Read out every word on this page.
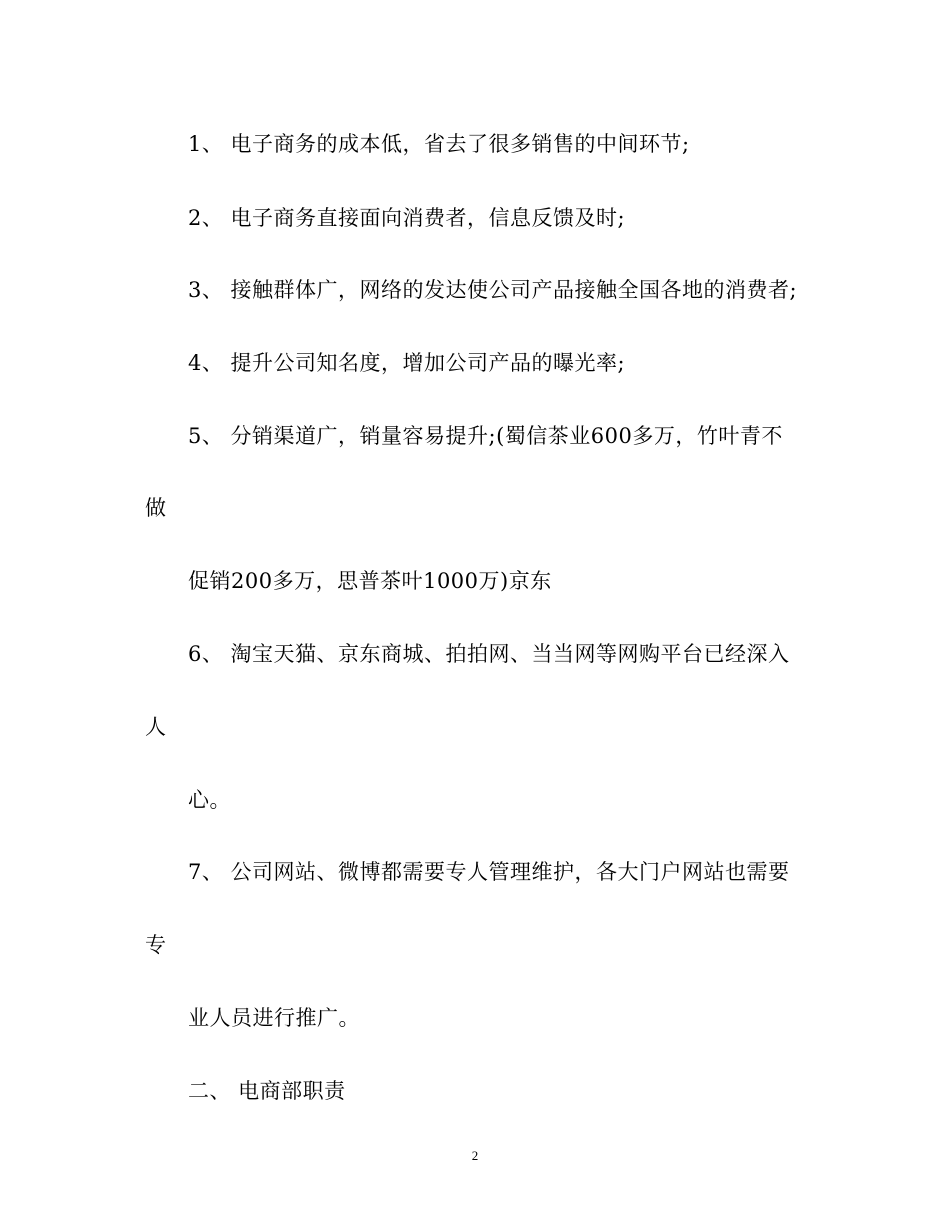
1、 电子商务的成本低，省去了很多销售的中间环节;
2、 电子商务直接面向消费者，信息反馈及时;
3、 接触群体广，网络的发达使公司产品接触全国各地的消费者;
4、 提升公司知名度，增加公司产品的曝光率;
5、 分销渠道广，销量容易提升;(蜀信茶业600多万，竹叶青不
做
促销200多万，思普茶叶1000万)京东
6、 淘宝天猫、京东商城、拍拍网、当当网等网购平台已经深入
人
心。
7、 公司网站、微博都需要专人管理维护，各大门户网站也需要
专
业人员进行推广。
二、 电商部职责
2
